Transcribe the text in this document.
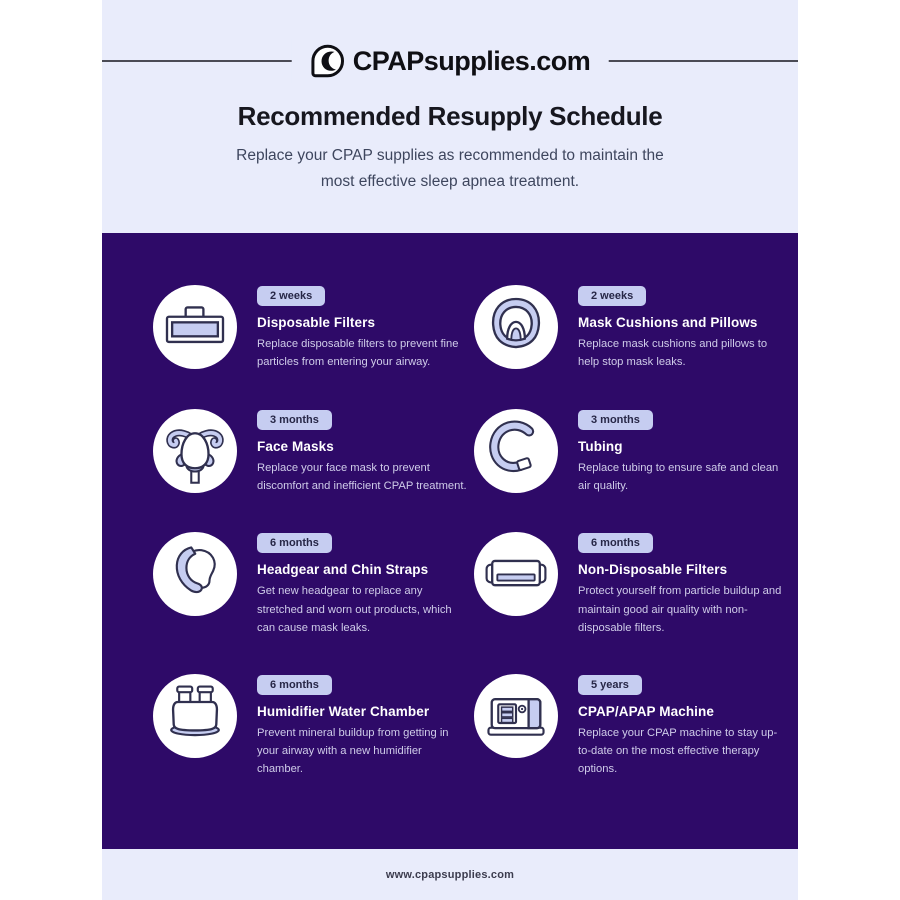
CPAPsupplies.com
Recommended Resupply Schedule
Replace your CPAP supplies as recommended to maintain the most effective sleep apnea treatment.
2 weeks
Disposable Filters
Replace disposable filters to prevent fine particles from entering your airway.
2 weeks
Mask Cushions and Pillows
Replace mask cushions and pillows to help stop mask leaks.
3 months
Face Masks
Replace your face mask to prevent discomfort and inefficient CPAP treatment.
3 months
Tubing
Replace tubing to ensure safe and clean air quality.
6 months
Headgear and Chin Straps
Get new headgear to replace any stretched and worn out products, which can cause mask leaks.
6 months
Non-Disposable Filters
Protect yourself from particle buildup and maintain good air quality with non-disposable filters.
6 months
Humidifier Water Chamber
Prevent mineral buildup from getting in your airway with a new humidifier chamber.
5 years
CPAP/APAP Machine
Replace your CPAP machine to stay up-to-date on the most effective therapy options.
www.cpapsupplies.com
